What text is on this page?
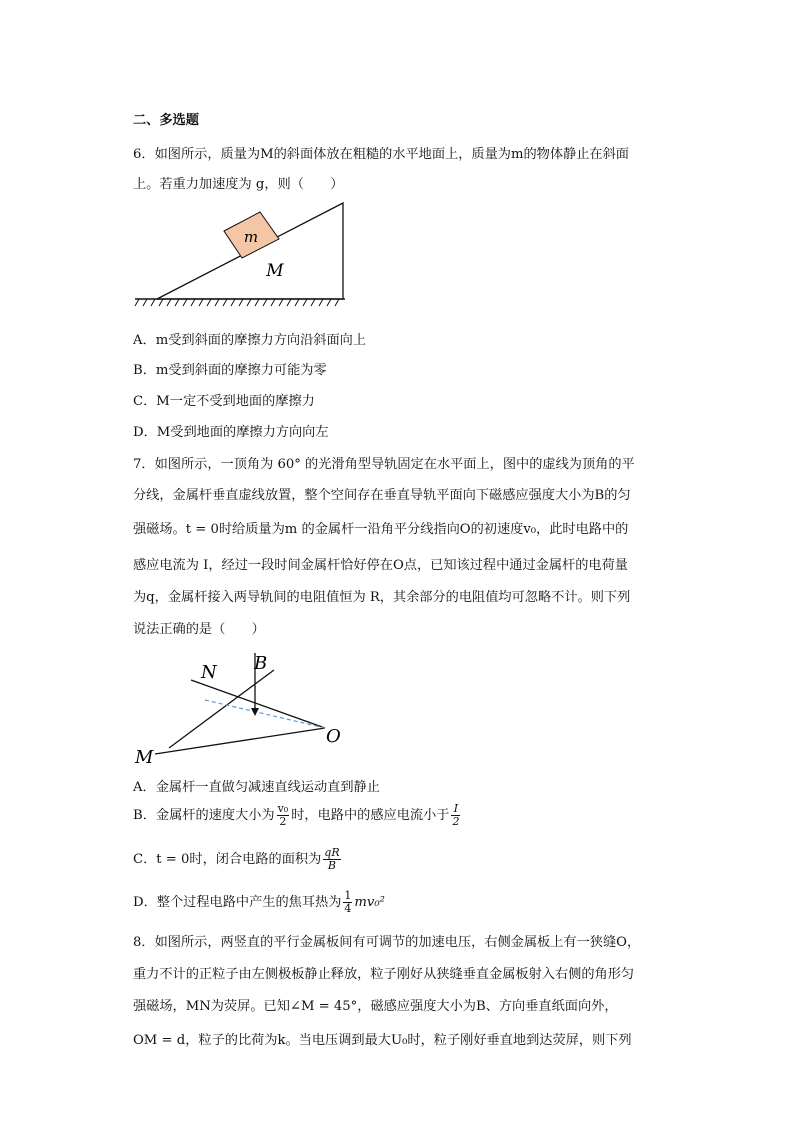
二、多选题
6．如图所示，质量为M的斜面体放在粗糙的水平地面上，质量为m的物体静止在斜面
上。若重力加速度为 g，则（　　）
m
M
A．m受到斜面的摩擦力方向沿斜面向上
B．m受到斜面的摩擦力可能为零
C．M一定不受到地面的摩擦力
D．M受到地面的摩擦力方向向左
7．如图所示，一顶角为 60° 的光滑角型导轨固定在水平面上，图中的虚线为顶角的平
分线，金属杆垂直虚线放置，整个空间存在垂直导轨平面向下磁感应强度大小为B的匀
强磁场。t = 0时给质量为m 的金属杆一沿角平分线指向O的初速度v₀，此时电路中的
感应电流为 I，经过一段时间金属杆恰好停在O点，已知该过程中通过金属杆的电荷量
为q，金属杆接入两导轨间的电阻值恒为 R，其余部分的电阻值均可忽略不计。则下列
说法正确的是（　　）
N B
M
O
A．金属杆一直做匀减速直线运动直到静止
B．金属杆的速度大小为 $\frac{\text{v₀}}{2}$ 时，电路中的感应电流小于 $\frac{I}{2}$
C．t = 0时，闭合电路的面积为 $\frac{qR}{B}$
D．整个过程电路中产生的焦耳热为 $\frac{1}{4} mv_0^2$
8．如图所示，两竖直的平行金属板间有可调节的加速电压，右侧金属板上有一狭缝O，
重力不计的正粒子由左侧极板静止释放，粒子刚好从狭缝垂直金属板射入右侧的角形匀
强磁场，MN为荧屏。已知∠M = 45°，磁感应强度大小为B、方向垂直纸面向外，
OM = d，粒子的比荷为k。当电压调到最大U₀时，粒子刚好垂直地到达荧屏，则下列
